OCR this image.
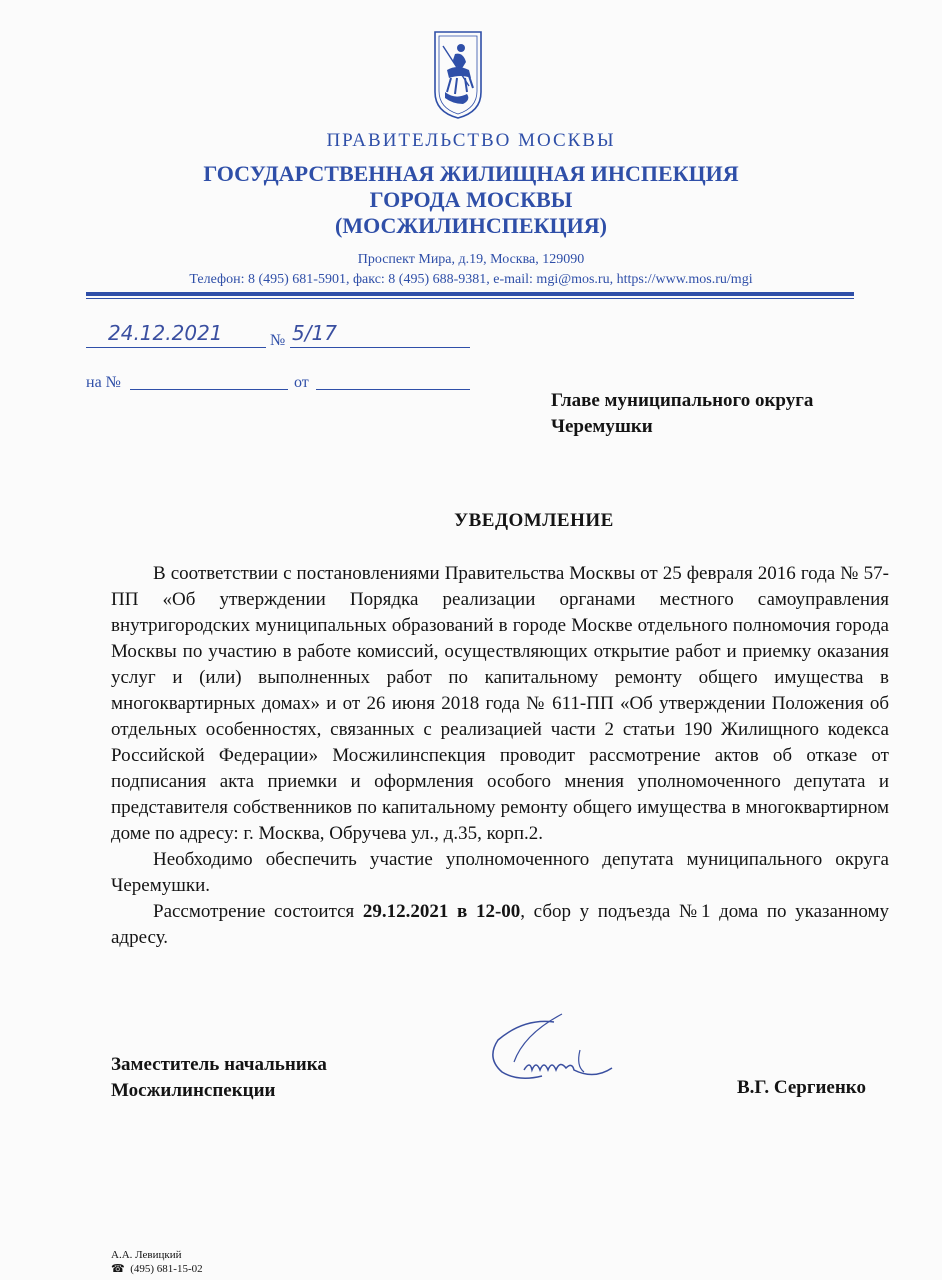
ПРАВИТЕЛЬСТВО МОСКВЫ
ГОСУДАРСТВЕННАЯ ЖИЛИЩНАЯ ИНСПЕКЦИЯ
ГОРОДА МОСКВЫ
(МОСЖИЛИНСПЕКЦИЯ)
Проспект Мира, д.19, Москва, 129090
Телефон: 8 (495) 681-5901, факс: 8 (495) 688-9381, e-mail: mgi@mos.ru, https://www.mos.ru/mgi
24.12.2021	№ 5/17
на №	от
Главе муниципального округа
Черемушки
УВЕДОМЛЕНИЕ

В соответствии с постановлениями Правительства Москвы от 25 февраля 2016 года № 57-ПП «Об утверждении Порядка реализации органами местного самоуправления внутригородских муниципальных образований в городе Москве отдельного полномочия города Москвы по участию в работе комиссий, осуществляющих открытие работ и приемку оказания услуг и (или) выполненных работ по капитальному ремонту общего имущества в многоквартирных домах» и от 26 июня 2018 года № 611-ПП «Об утверждении Положения об отдельных особенностях, связанных с реализацией части 2 статьи 190 Жилищного кодекса Российской Федерации» Мосжилинспекция проводит рассмотрение актов об отказе от подписания акта приемки и оформления особого мнения уполномоченного депутата и представителя собственников по капитальному ремонту общего имущества в многоквартирном доме по адресу: г. Москва, Обручева ул., д.35, корп.2.

Необходимо обеспечить участие уполномоченного депутата муниципального округа Черемушки.

Рассмотрение состоится 29.12.2021 в 12-00, сбор у подъезда №1 дома по указанному адресу.

Заместитель начальника
Мосжилинспекции	В.Г. Сергиенко
А.А. Левицкий
☎ (495) 681-15-02
